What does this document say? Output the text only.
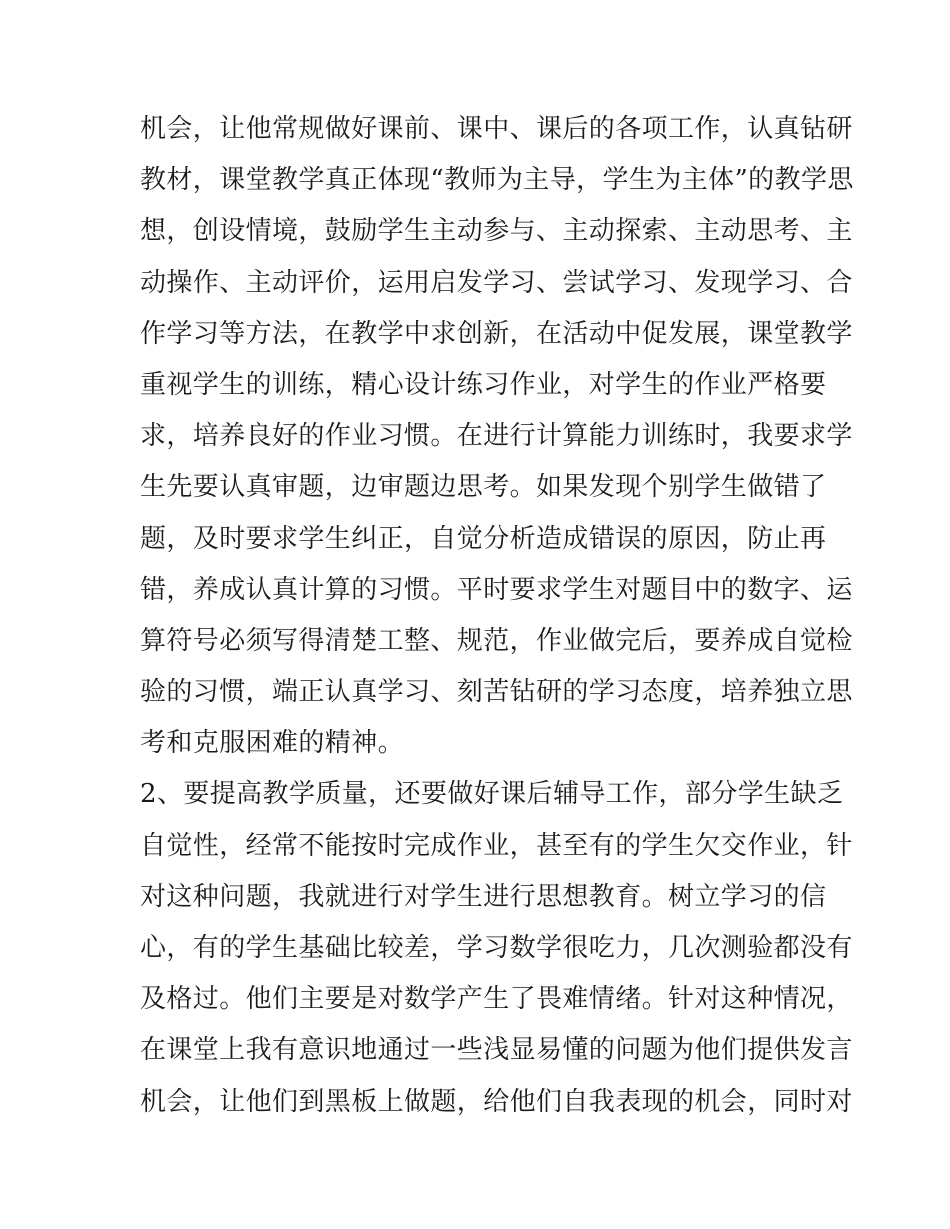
机会，让他常规做好课前、课中、课后的各项工作，认真钻研
教材，课堂教学真正体现“教师为主导，学生为主体”的教学思
想，创设情境，鼓励学生主动参与、主动探索、主动思考、主
动操作、主动评价，运用启发学习、尝试学习、发现学习、合
作学习等方法，在教学中求创新，在活动中促发展，课堂教学
重视学生的训练，精心设计练习作业，对学生的作业严格要
求，培养良好的作业习惯。在进行计算能力训练时，我要求学
生先要认真审题，边审题边思考。如果发现个别学生做错了
题，及时要求学生纠正，自觉分析造成错误的原因，防止再
错，养成认真计算的习惯。平时要求学生对题目中的数字、运
算符号必须写得清楚工整、规范，作业做完后，要养成自觉检
验的习惯，端正认真学习、刻苦钻研的学习态度，培养独立思
考和克服困难的精神。
2、要提高教学质量，还要做好课后辅导工作，部分学生缺乏
自觉性，经常不能按时完成作业，甚至有的学生欠交作业，针
对这种问题，我就进行对学生进行思想教育。树立学习的信
心，有的学生基础比较差，学习数学很吃力，几次测验都没有
及格过。他们主要是对数学产生了畏难情绪。针对这种情况，
在课堂上我有意识地通过一些浅显易懂的问题为他们提供发言
机会，让他们到黑板上做题，给他们自我表现的机会，同时对
